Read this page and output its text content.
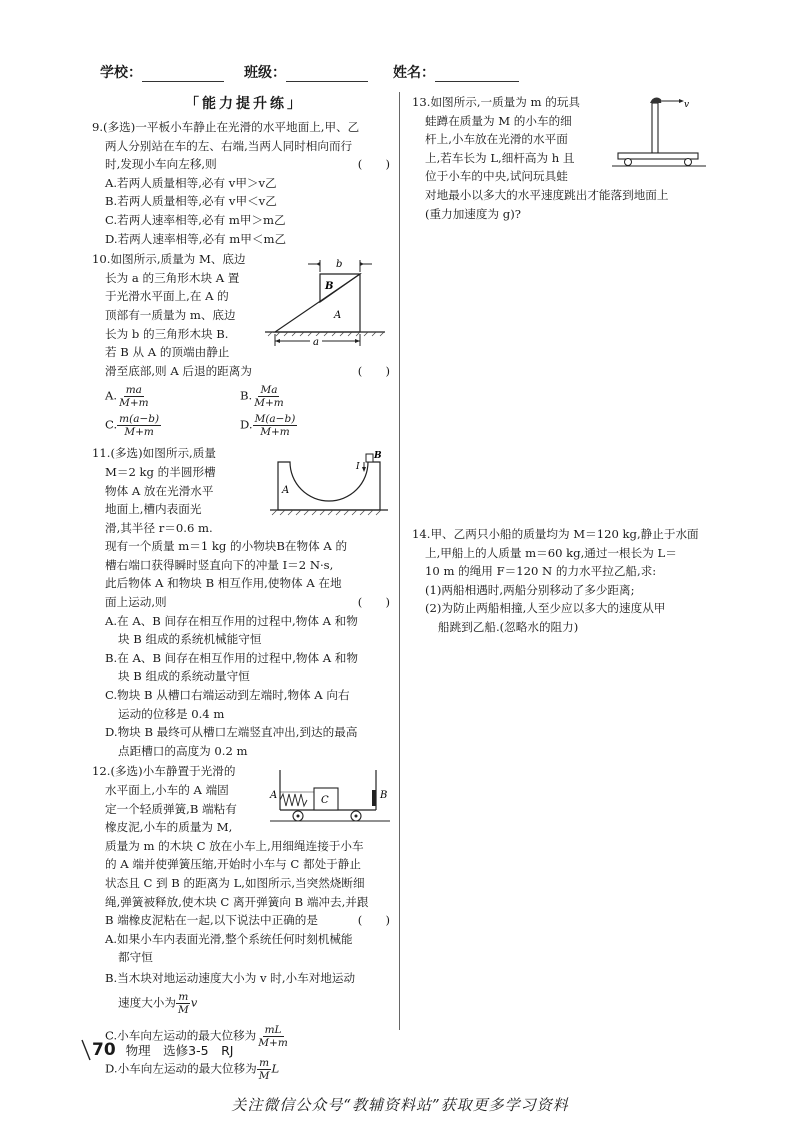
学校：	班级：	姓名：
「能力提升练」

9.(多选)一平板小车静止在光滑的水平地面上,甲、乙

两人分别站在车的左、右端,当两人同时相向而行

时,发现小车向左移,则	(　　)

A.若两人质量相等,必有 v甲＞v乙

B.若两人质量相等,必有 v甲＜v乙

C.若两人速率相等,必有 m甲＞m乙

D.若两人速率相等,必有 m甲＜m乙

10.如图所示,质量为 M、底边

长为 a 的三角形木块 A 置

于光滑水平面上,在 A 的

顶部有一质量为 m、底边

长为 b 的三角形木块 B.

若 B 从 A 的顶端由静止

滑至底部,则 A 后退的距离为	(　　)

A. $\frac{ma}{M+m}$	B. $\frac{Ma}{M+m}$
C. $\frac{m(a-b)}{M+m}$	D. $\frac{M(a-b)}{M+m}$
b
B
A
a

11.(多选)如图所示,质量

M＝2 kg 的半圆形槽

物体 A 放在光滑水平

地面上,槽内表面光

滑,其半径 r＝0.6 m.

现有一个质量 m＝1 kg 的小物块B在物体 A 的

槽右端口获得瞬时竖直向下的冲量 I＝2 N·s,

此后物体 A 和物块 B 相互作用,使物体 A 在地

面上运动,则	(　　)

A.在 A、B 间存在相互作用的过程中,物体 A 和物

块 B 组成的系统机械能守恒

B.在 A、B 间存在相互作用的过程中,物体 A 和物

块 B 组成的系统动量守恒

C.物块 B 从槽口右端运动到左端时,物体 A 向右

运动的位移是 0.4 m

D.物块 B 最终可从槽口左端竖直冲出,到达的最高

点距槽口的高度为 0.2 m

B
I
A

12.(多选)小车静置于光滑的

水平面上,小车的 A 端固

定一个轻质弹簧,B 端粘有

橡皮泥,小车的质量为 M,

质量为 m 的木块 C 放在小车上,用细绳连接于小车

的 A 端并使弹簧压缩,开始时小车与 C 都处于静止

状态且 C 到 B 的距离为 L,如图所示,当突然烧断细

绳,弹簧被释放,使木块 C 离开弹簧向 B 端冲去,并跟

B 端橡皮泥粘在一起,以下说法中正确的是	(　　)

A.如果小车内表面光滑,整个系统任何时刻机械能

都守恒

B.当木块对地运动速度大小为 v 时,小车对地运动

速度大小为 $\frac{m}{M}$ v

C.小车向左运动的最大位移为 $\frac{mL}{M+m}$

D.小车向左运动的最大位移为 $\frac{m}{M}$ L

A	B
C

13.如图所示,一质量为 m 的玩具

蛙蹲在质量为 M 的小车的细

杆上,小车放在光滑的水平面

上,若车长为 L,细杆高为 h 且

位于小车的中央,试问玩具蛙

对地最小以多大的水平速度跳出才能落到地面上

(重力加速度为 g)?

v

14.甲、乙两只小船的质量均为 M＝120 kg,静止于水面

上,甲船上的人质量 m＝60 kg,通过一根长为 L＝

10 m 的绳用 F＝120 N 的力水平拉乙船,求:

(1)两船相遇时,两船分别移动了多少距离;

(2)为防止两船相撞,人至少应以多大的速度从甲

船跳到乙船.(忽略水的阻力)

70 物理　选修3-5　RJ
关注微信公众号“教辅资料站”获取更多学习资料
